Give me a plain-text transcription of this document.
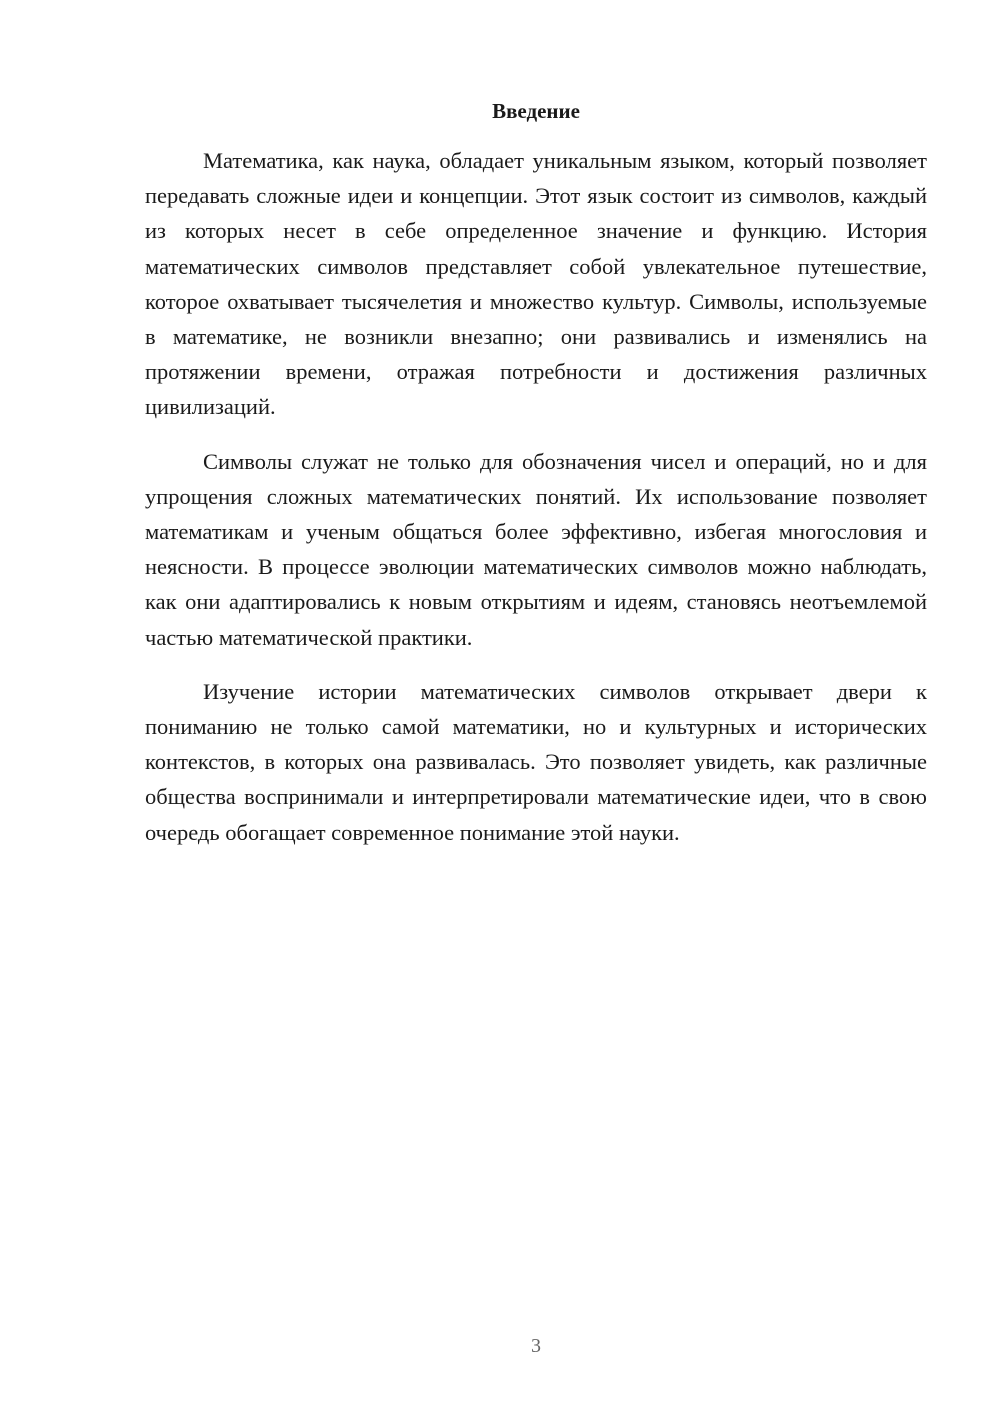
Введение

Математика, как наука, обладает уникальным языком, который позволяет передавать сложные идеи и концепции. Этот язык состоит из символов, каждый из которых несет в себе определенное значение и функцию. История математических символов представляет собой увлекательное путешествие, которое охватывает тысячелетия и множество культур. Символы, используемые в математике, не возникли внезапно; они развивались и изменялись на протяжении времени, отражая потребности и достижения различных цивилизаций.

Символы служат не только для обозначения чисел и операций, но и для упрощения сложных математических понятий. Их использование позволяет математикам и ученым общаться более эффективно, избегая многословия и неясности. В процессе эволюции математических символов можно наблюдать, как они адаптировались к новым открытиям и идеям, становясь неотъемлемой частью математической практики.

Изучение истории математических символов открывает двери к пониманию не только самой математики, но и культурных и исторических контекстов, в которых она развивалась. Это позволяет увидеть, как различные общества воспринимали и интерпретировали математические идеи, что в свою очередь обогащает современное понимание этой науки.

3
